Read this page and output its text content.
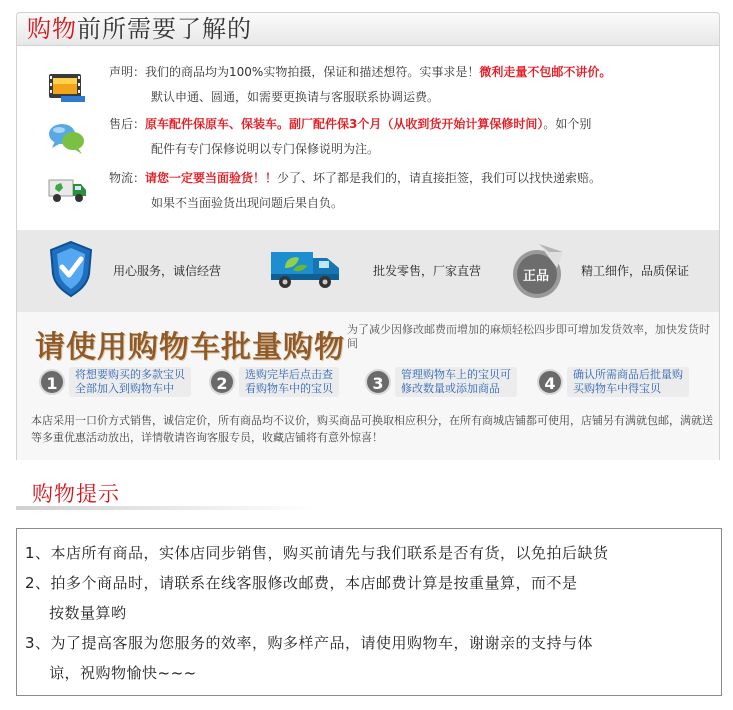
购物前所需要了解的
声明：我们的商品均为100%实物拍摄，保证和描述想符。实事求是！微利走量不包邮不讲价。
默认申通、圆通，如需要更换请与客服联系协调运费。
售后：原车配件保原车、保装车。副厂配件保3个月（从收到货开始计算保修时间）。如个别
配件有专门保修说明以专门保修说明为注。
物流：请您一定要当面验货！！少了、坏了都是我们的，请直接拒签，我们可以找快递索赔。
如果不当面验货出现问题后果自负。
用心服务，诚信经营	批发零售，厂家直营	正品	精工细作，品质保证
请使用购物车批量购物
为了减少因修改邮费而增加的麻烦轻松四步即可增加发货效率，加快发货时间
1	将想要购买的多款宝贝
全部加入到购物车中	2	选购完毕后点击查
看购物车中的宝贝	3	管理购物车上的宝贝可
修改数量或添加商品	4	确认所需商品后批量购
买购物车中得宝贝
本店采用一口价方式销售，诚信定价，所有商品均不议价，购买商品可换取相应积分，在所有商城店铺都可使用，店铺另有满就包邮，满就送等多重优惠活动放出，详情敬请咨询客服专员，收藏店铺将有意外惊喜！
购物提示
1、本店所有商品，实体店同步销售，购买前请先与我们联系是否有货，以免拍后缺货
2、拍多个商品时，请联系在线客服修改邮费，本店邮费计算是按重量算，而不是
按数量算哟
3、为了提高客服为您服务的效率，购多样产品，请使用购物车，谢谢亲的支持与体
谅，祝购物愉快~~~
